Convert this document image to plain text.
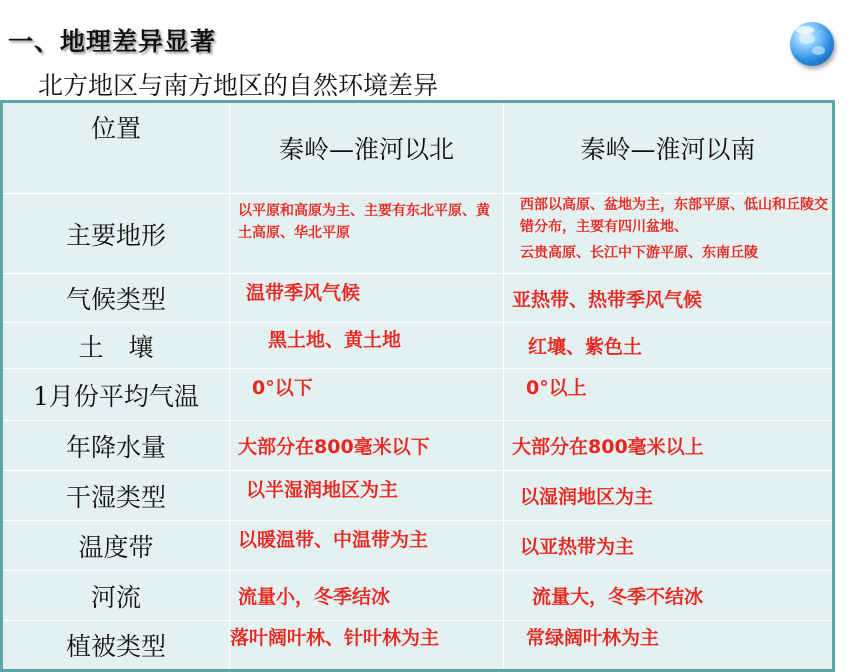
一、地理差异显著
北方地区与南方地区的自然环境差异
位置	秦岭—淮河以北	秦岭—淮河以南
主要地形	以平原和高原为主、主要有东北平原、黄土高原、华北平原	西部以高原、盆地为主，东部平原、低山和丘陵交错分布，主要有四川盆地、
云贵高原、长江中下游平原、东南丘陵

气候类型	温带季风气候	亚热带、热带季风气候
土　壤	黑土地、黄土地	红壤、紫色土
1月份平均气温	0°以下	0°以上
年降水量	大部分在800毫米以下	大部分在800毫米以上
干湿类型	以半湿润地区为主	以湿润地区为主
温度带	以暖温带、中温带为主	以亚热带为主
河流	流量小，冬季结冰	流量大，冬季不结冰
植被类型	落叶阔叶林、针叶林为主	常绿阔叶林为主
